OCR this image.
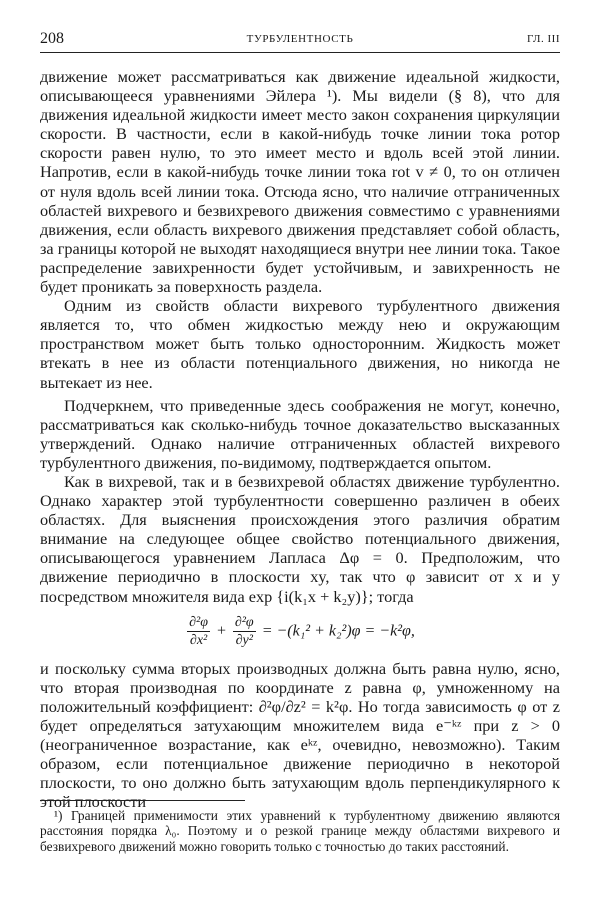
208	ТУРБУЛЕНТНОСТЬ	ГЛ. III

движение может рассматриваться как движение идеальной жидкости, описывающееся уравнениями Эйлера ¹). Мы видели (§ 8), что для движения идеальной жидкости имеет место закон сохранения циркуляции скорости. В частности, если в какой-нибудь точке линии тока ротор скорости равен нулю, то это имеет место и вдоль всей этой линии. Напротив, если в какой-нибудь точке линии тока rot v ≠ 0, то он отличен от нуля вдоль всей линии тока. Отсюда ясно, что наличие отграниченных областей вихревого и безвихревого движения совместимо с уравнениями движения, если область вихревого движения представляет собой область, за границы которой не выходят находящиеся внутри нее линии тока. Такое распределение завихренности будет устойчивым, и завихренность не будет проникать за поверхность раздела.

Одним из свойств области вихревого турбулентного движения является то, что обмен жидкостью между нею и окружающим пространством может быть только односторонним. Жидкость может втекать в нее из области потенциального движения, но никогда не вытекает из нее.

Подчеркнем, что приведенные здесь соображения не могут, конечно, рассматриваться как сколько-нибудь точное доказательство высказанных утверждений. Однако наличие отграниченных областей вихревого турбулентного движения, по-видимому, подтверждается опытом.

Как в вихревой, так и в безвихревой областях движение турбулентно. Однако характер этой турбулентности совершенно различен в обеих областях. Для выяснения происхождения этого различия обратим внимание на следующее общее свойство потенциального движения, описывающегося уравнением Лапласа Δφ = 0. Предположим, что движение периодично в плоскости xy, так что φ зависит от x и y посредством множителя вида exp {i(k₁x + k₂y)}; тогда

$\frac{\text{∂²φ}}{\text{∂x²}} + \frac{\text{∂²φ}}{\text{∂y²}} = -(k_1^2 + k_2^2)\varphi = -k^2\varphi$,

и поскольку сумма вторых производных должна быть равна нулю, ясно, что вторая производная по координате z равна φ, умноженному на положительный коэффициент: ∂²φ/∂z² = k²φ. Но тогда зависимость φ от z будет определяться затухающим множителем вида e⁻ᵏᶻ при z > 0 (неограниченное возрастание, как eᵏᶻ, очевидно, невозможно). Таким образом, если потенциальное движение периодично в некоторой плоскости, то оно должно быть затухающим вдоль перпендикулярного к этой плоскости

¹) Границей применимости этих уравнений к турбулентному движению являются расстояния порядка λ₀. Поэтому и о резкой границе между областями вихревого и безвихревого движений можно говорить только с точностью до таких расстояний.
